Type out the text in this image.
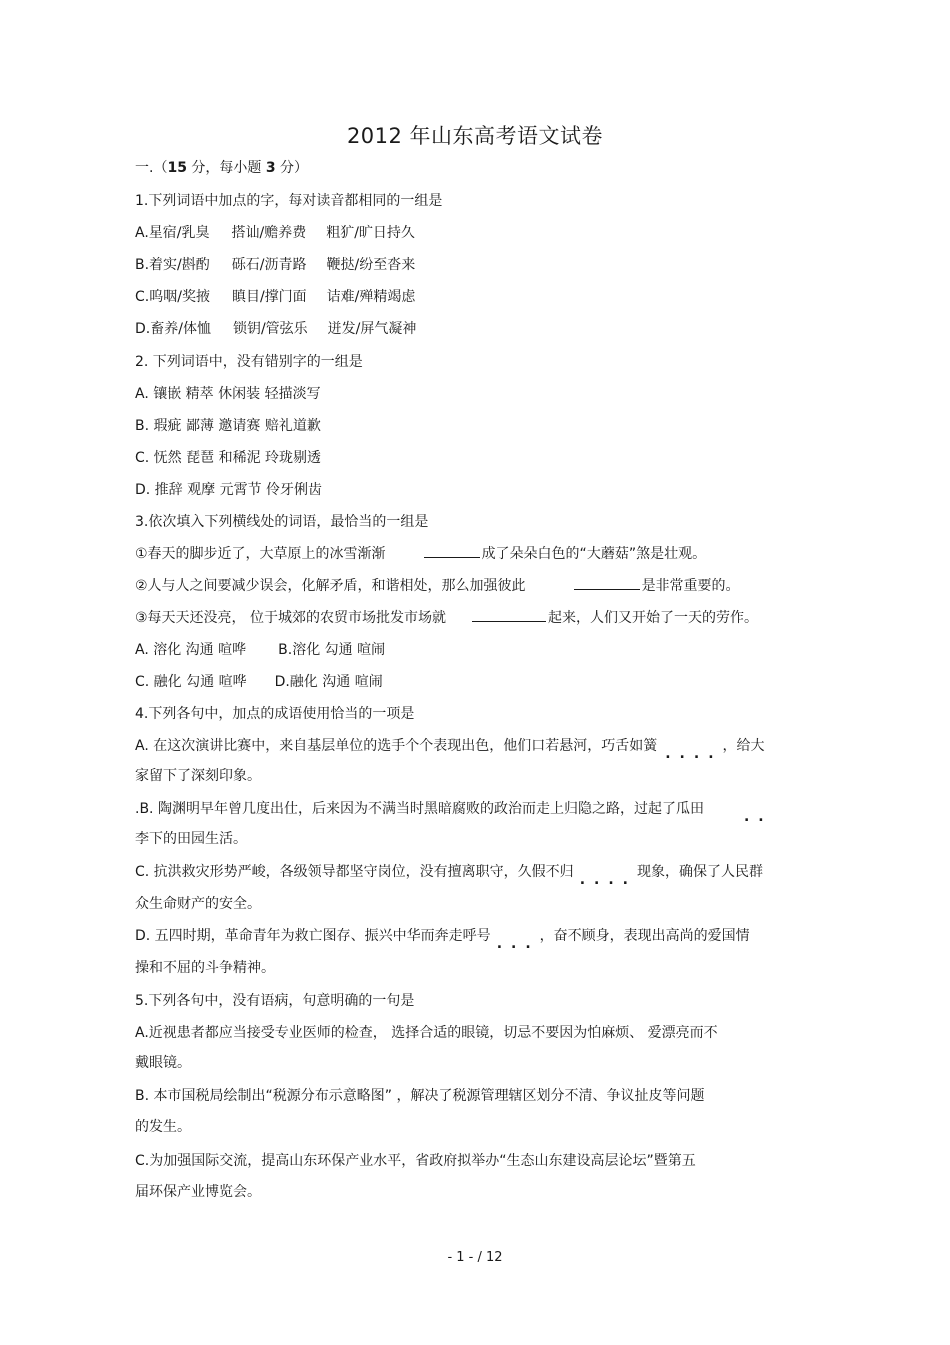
2012 年山东高考语文试卷
一.（15 分，每小题 3 分）
1.下列词语中加点的字，每对读音都相同的一组是
A.星宿/乳臭 搭讪/赡养费 粗犷/旷日持久
B.着实/斟酌 砾石/沥青路 鞭挞/纷至沓来
C.呜咽/奖掖 瞋目/撑门面 诘难/殚精竭虑
D.畜养/体恤 锁钥/管弦乐 迸发/屏气凝神
2. 下列词语中，没有错别字的一组是
A. 镶嵌 精萃 休闲装 轻描淡写
B. 瑕疵 鄙薄 邀请赛 赔礼道歉
C. 怃然 琵琶 和稀泥 玲珑剔透
D. 推辞 观摩 元霄节 伶牙俐齿
3.依次填入下列横线处的词语，最恰当的一组是
①春天的脚步近了，大草原上的冰雪渐渐	成了朵朵白色的“大蘑菇”煞是壮观。
②人与人之间要减少误会，化解矛盾，和谐相处，那么加强彼此	是非常重要的。
③每天天还没亮， 位于城郊的农贸市场批发市场就	起来，人们又开始了一天的劳作。
A. 溶化 沟通 喧哗 B.溶化 勾通 喧闹
C. 融化 勾通 喧哗 D.融化 沟通 喧闹
4.下列各句中，加点的成语使用恰当的一项是
A. 在这次演讲比赛中，来自基层单位的选手个个表现出色，他们口若悬河，巧舌如簧 ....，给大
家留下了深刻印象。
.B. 陶渊明早年曾几度出仕，后来因为不满当时黑暗腐败的政治而走上归隐之路，过起了瓜田	..
李下的田园生活。
C. 抗洪救灾形势严峻，各级领导都坚守岗位，没有擅离职守，久假不归 ....现象，确保了人民群
众生命财产的安全。
D. 五四时期，革命青年为救亡图存、振兴中华而奔走呼号 ...，奋不顾身，表现出高尚的爱国情
操和不屈的斗争精神。
5.下列各句中，没有语病，句意明确的一句是
A.近视患者都应当接受专业医师的检查， 选择合适的眼镜，切忌不要因为怕麻烦、 爱漂亮而不
戴眼镜。
B. 本市国税局绘制出“税源分布示意略图” ，解决了税源管理辖区划分不清、争议扯皮等问题
的发生。
C.为加强国际交流，提高山东环保产业水平，省政府拟举办“生态山东建设高层论坛”暨第五
届环保产业博览会。
- 1 - / 12
